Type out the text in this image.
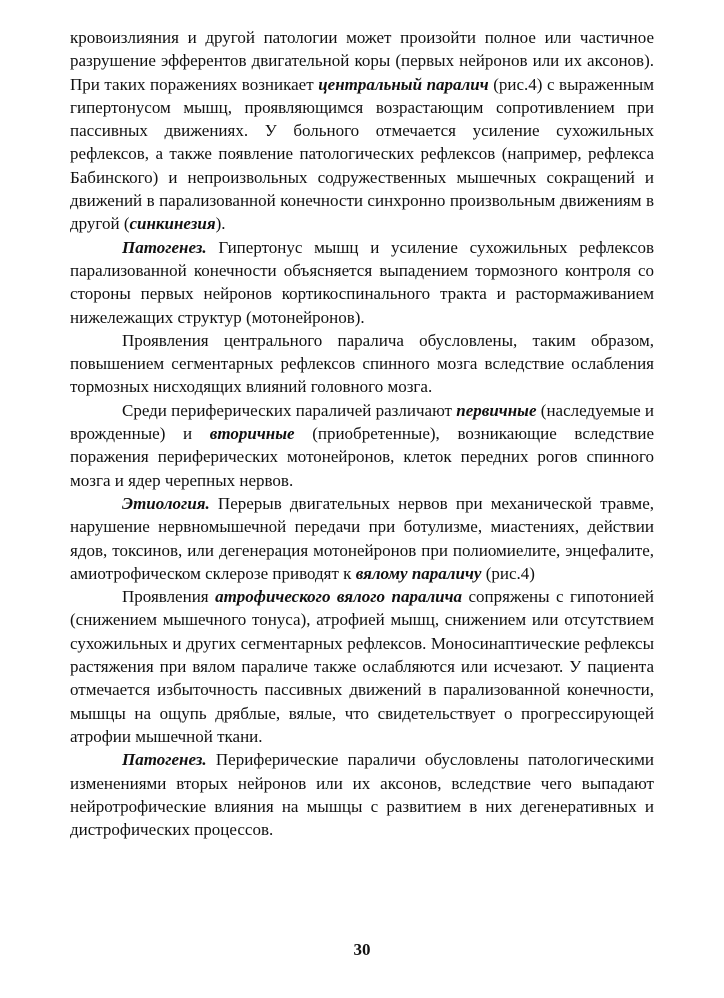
кровоизлияния и другой патологии может произойти полное или частичное разрушение эфферентов двигательной коры (первых нейронов или их аксонов). При таких поражениях возникает центральный паралич (рис.4) с выраженным гипертонусом мышц, проявляющимся возрастающим сопротивлением при пассивных движениях. У больного отмечается усиление сухожильных рефлексов, а также появление патологических рефлексов (например, рефлекса Бабинского) и непроизвольных содружественных мышечных сокращений и движений в парализованной конечности синхронно произвольным движениям в другой (синкинезия).

Патогенез. Гипертонус мышц и усиление сухожильных рефлексов парализованной конечности объясняется выпадением тормозного контроля со стороны первых нейронов кортикоспинального тракта и растормаживанием нижележащих структур (мотонейронов).

Проявления центрального паралича обусловлены, таким образом, повышением сегментарных рефлексов спинного мозга вследствие ослабления тормозных нисходящих влияний головного мозга.

Среди периферических параличей различают первичные (наследуемые и врожденные) и вторичные (приобретенные), возникающие вследствие поражения периферических мотонейронов, клеток передних рогов спинного мозга и ядер черепных нервов.

Этиология. Перерыв двигательных нервов при механической травме, нарушение нервномышечной передачи при ботулизме, миастениях, действии ядов, токсинов, или дегенерация мотонейронов при полиомиелите, энцефалите, амиотрофическом склерозе приводят к вялому параличу (рис.4)

Проявления атрофического вялого паралича сопряжены с гипотонией (снижением мышечного тонуса), атрофией мышц, снижением или отсутствием сухожильных и других сегментарных рефлексов. Моносинаптические рефлексы растяжения при вялом параличе также ослабляются или исчезают. У пациента отмечается избыточность пассивных движений в парализованной конечности, мышцы на ощупь дряблые, вялые, что свидетельствует о прогрессирующей атрофии мышечной ткани.

Патогенез. Периферические параличи обусловлены патологическими изменениями вторых нейронов или их аксонов, вследствие чего выпадают нейротрофические влияния на мышцы с развитием в них дегенеративных и дистрофических процессов.

30
